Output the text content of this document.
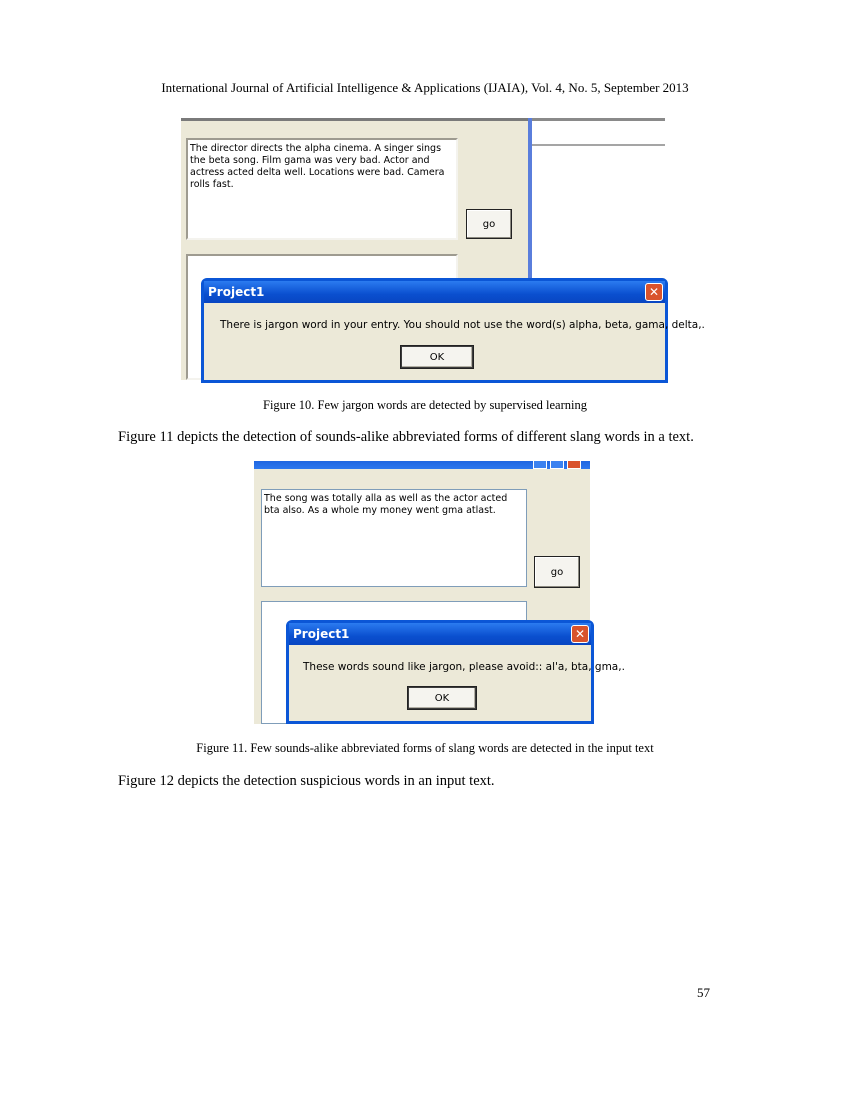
International Journal of Artificial Intelligence & Applications (IJAIA), Vol. 4, No. 5, September 2013
The director directs the alpha cinema. A singer sings the beta song. Film gama was very bad. Actor and actress acted delta well. Locations were bad. Camera rolls fast.
go
Project1	✕
There is jargon word in your entry. You should not use the word(s) alpha, beta, gama, delta,.
OK
Figure 10. Few jargon words are detected by supervised learning
Figure 11 depicts the detection of sounds-alike abbreviated forms of different slang words in a text.
The song was totally alla as well as the actor acted bta also. As a whole my money went gma atlast.
go
Project1	✕
These words sound like jargon, please avoid:: al'a, bta, gma,.
OK
Figure 11. Few sounds-alike abbreviated forms of slang words are detected in the input text
Figure 12 depicts the detection suspicious words in an input text.
57
